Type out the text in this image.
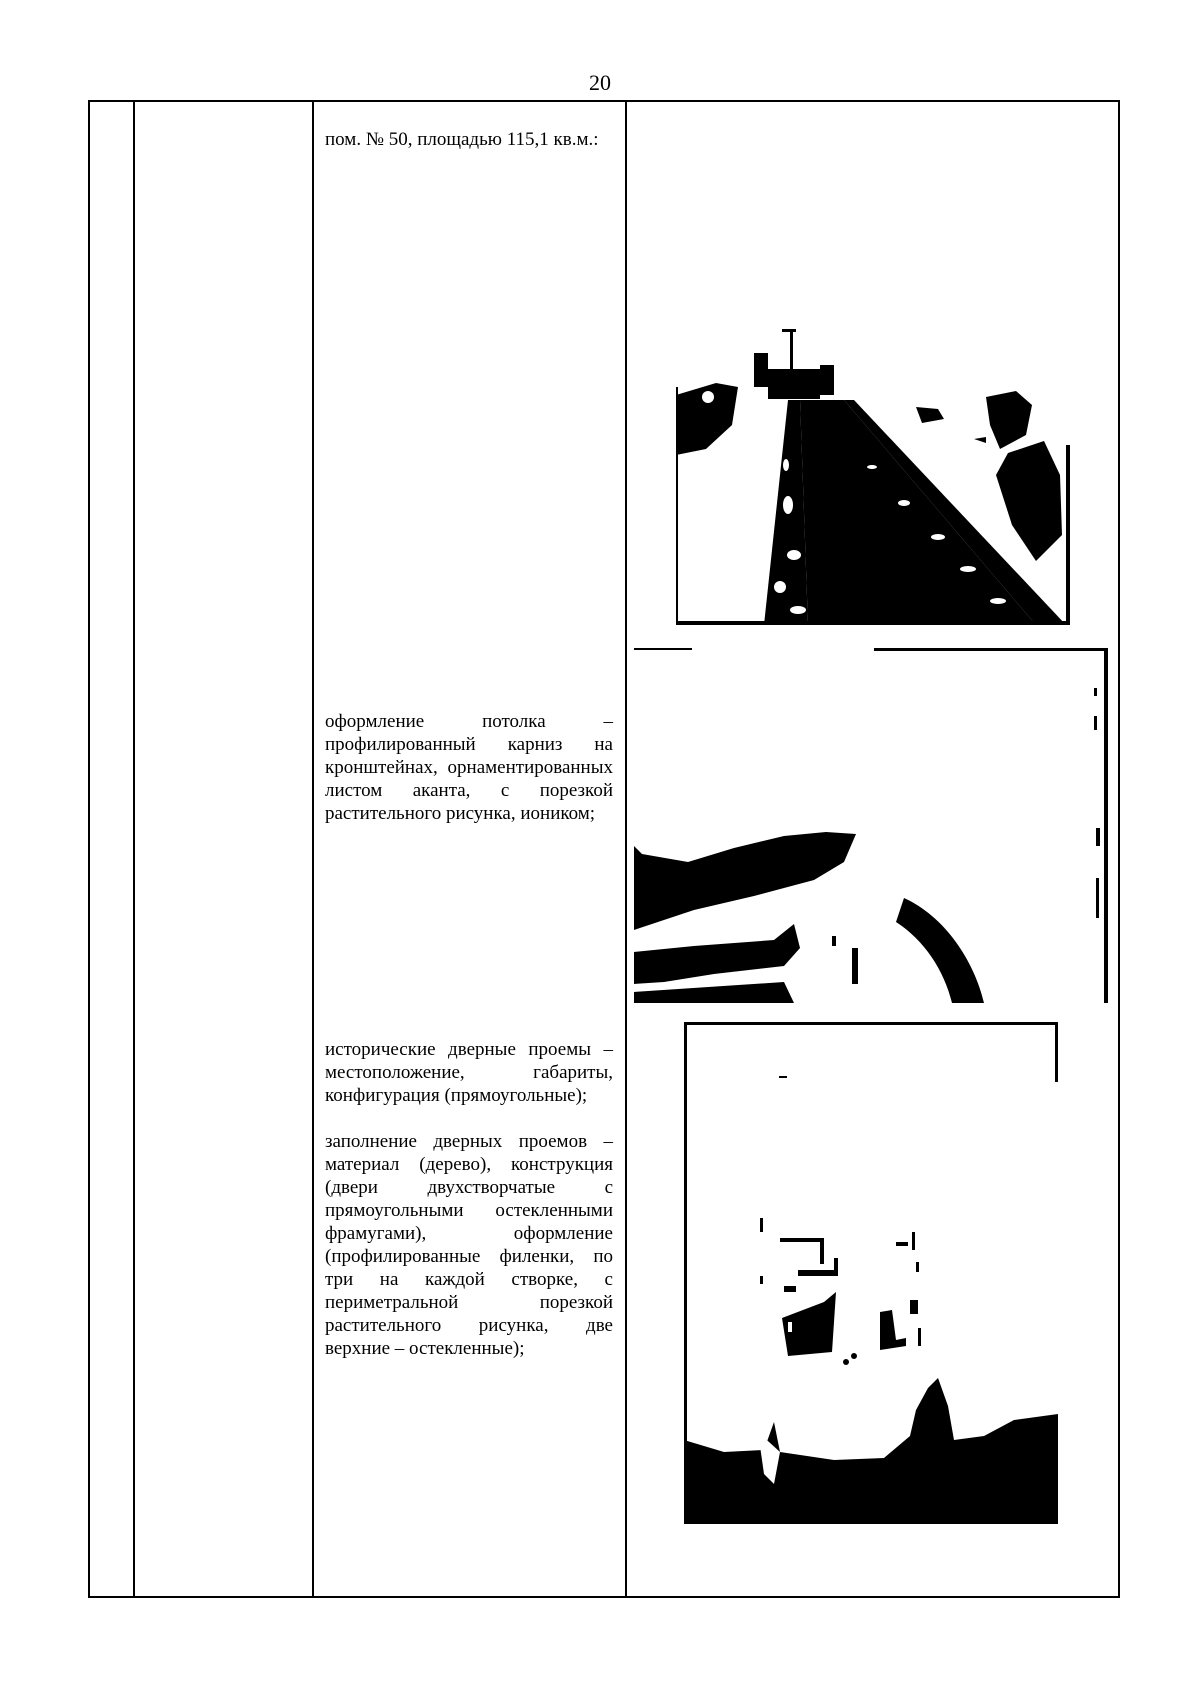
20
пом. № 50, площадью 115,1 кв.м.:

оформление потолка – профилированный карниз на кронштейнах, орнаментированных листом аканта, с порезкой растительного рисунка, иоником;

исторические дверные проемы – местоположение, габариты, конфигурация (прямоугольные);

заполнение дверных проемов – материал (дерево), конструкция (двери двухстворчатые с прямоугольными остекленными фрамугами), оформление (профилированные филенки, по три на каждой створке, с периметральной порезкой растительного рисунка, две верхние – остекленные);
